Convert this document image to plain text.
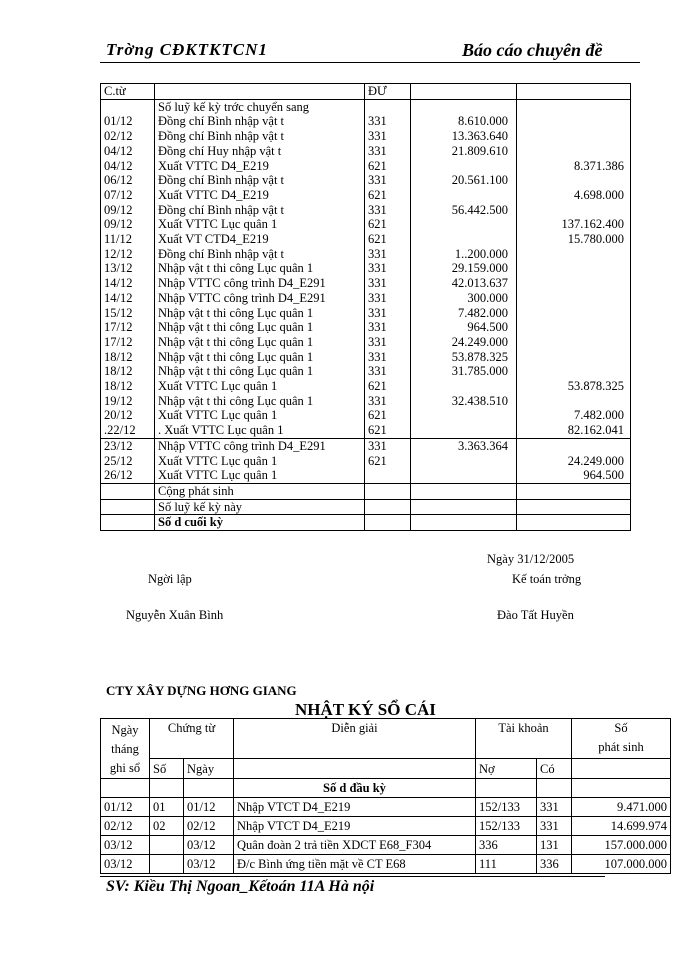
Trờng CĐKTKTCN1	Báo cáo chuyên đề
C.từ		ĐƯ		
	Số luỹ kế kỳ trớc chuyển sang			
01/12	Đồng chí Bình nhập vật t	331	8.610.000	
02/12	Đồng chí Bình nhập vật t	331	13.363.640	
04/12	Đồng chí Huy nhập vật t	331	21.809.610	
04/12	Xuất VTTC D4_E219	621		8.371.386
06/12	Đồng chí Bình nhập vật t	331	20.561.100	
07/12	Xuất VTTC D4_E219	621		4.698.000
09/12	Đồng chí Bình nhập vật t	331	56.442.500	
09/12	Xuất VTTC Lục quân 1	621		137.162.400
11/12	Xuất VT CTD4_E219	621		15.780.000
12/12	Đồng chí Bình nhập vật t	331	1..200.000	
13/12	Nhập vật t thi công Lục quân 1	331	29.159.000	
14/12	Nhập VTTC công trình D4_E291	331	42.013.637	
14/12	Nhập VTTC công trình D4_E291	331	300.000	
15/12	Nhập vật t thi công Lục quân 1	331	7.482.000	
17/12	Nhập vật t thi công Lục quân 1	331	964.500	
17/12	Nhập vật t thi công Lục quân 1	331	24.249.000	
18/12	Nhập vật t thi công Lục quân 1	331	53.878.325	
18/12	Nhập vật t thi công Lục quân 1	331	31.785.000	
18/12	Xuất VTTC Lục quân 1	621		53.878.325
19/12	Nhập vật t thi công Lục quân 1	331	32.438.510	
20/12	Xuất VTTC Lục quân 1	621		7.482.000
.22/12	. Xuất VTTC Lục quân 1	621		82.162.041
23/12	Nhập VTTC công trình D4_E291	331	3.363.364	
25/12	Xuất VTTC Lục quân 1	621		24.249.000
26/12	Xuất VTTC Lục quân 1			964.500
	Cộng phát sinh			
	Số luỹ kế kỳ này			
	Số d cuối kỳ			
Ngày 31/12/2005
Ngời lập	Kế toán trởng
Nguyễn Xuân Bình	Đào Tất Huyền
CTY XÂY DỰNG HƠNG GIANG
NHẬT KÝ SỔ CÁI
Ngày
tháng
ghi sổ	Chứng từ		Diễn giải	Tài khoản		Số
phát sinh
	Số	Ngày		Nợ	Có	
			Số d đầu kỳ			
01/12	01	01/12	Nhập VTCT D4_E219	152/133	331	9.471.000
02/12	02	02/12	Nhập VTCT D4_E219	152/133	331	14.699.974
03/12		03/12	Quân đoàn 2 trả tiền XDCT E68_F304	336	131	157.000.000
03/12		03/12	Đ/c Bình ứng tiền mặt về CT E68	111	336	107.000.000
SV: Kiều Thị Ngoan_Kếtoán 11A Hà nội
